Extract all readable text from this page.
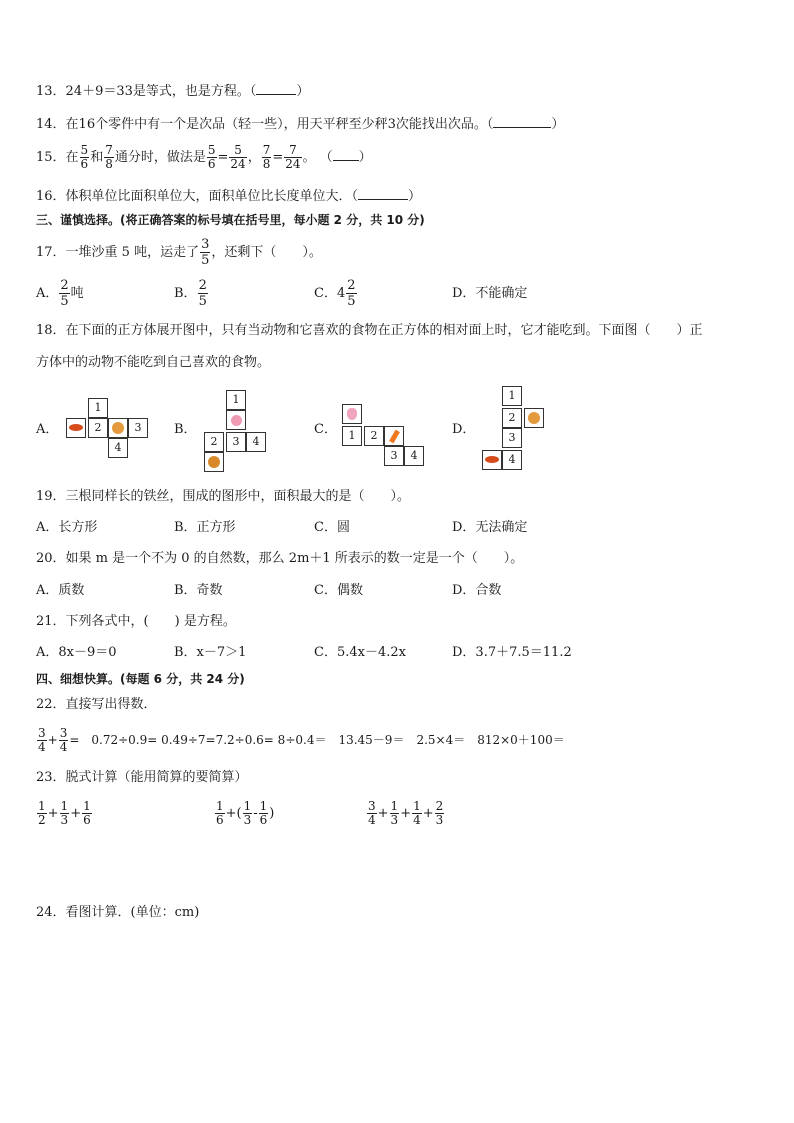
13．24＋9＝33是等式，也是方程。（	）
14．在16个零件中有一个是次品（轻一些），用天平秤至少秤3次能找出次品。（	）
15．在 $\frac{5}{6}$ 和 $\frac{7}{8}$ 通分时，做法是 $\frac{5}{6} = \frac{5}{24}$ ， $\frac{7}{8} = \frac{7}{24}$ 。 （ ）
16．体积单位比面积单位大，面积单位比长度单位大．（	）
三、谨慎选择。(将正确答案的标号填在括号里，每小题 2 分，共 10 分)
17．一堆沙重 5 吨，运走了 $\frac{3}{5}$ ，还剩下（　　）。
A． $\frac{2}{5}$ 吨	B． $\frac{2}{5}$	C．$4 \frac{2}{5}$	D．不能确定
18．在下面的正方体展开图中，只有当动物和它喜欢的食物在正方体的相对面上时，它才能吃到。下面图（　　）正
方体中的动物不能吃到自己喜欢的食物。
A．
1
2	3
4
B．
1
2	3	4
C．	1	2
3	4
D．
1
2
3
4
19．三根同样长的铁丝，围成的图形中，面积最大的是（　　）。
A．长方形	B．正方形	C．圆	D．无法确定
20．如果 m 是一个不为 0 的自然数，那么 2m＋1 所表示的数一定是一个（　　）。
A．质数	B．奇数	C．偶数	D．合数
21．下列各式中，(　　) 是方程。
A．8x－9＝0	B．x－7＞1	C．5.4x－4.2x	D．3.7＋7.5＝11.2
四、细想快算。(每题 6 分，共 24 分)
22．直接写出得数．
$\frac{3}{4} + \frac{3}{4}$ =　0.72÷0.9= 0.49÷7=7.2÷0.6= 8÷0.4＝　13.45－9＝　2.5×4＝　812×0＋100＝
23．脱式计算（能用简算的要简算）
$\frac{1}{2} + \frac{1}{3} + \frac{1}{6}$	$\frac{1}{6}$ +( $\frac{1}{3} - \frac{1}{6}$ )	$\frac{3}{4} + \frac{1}{3} + \frac{1}{4} + \frac{2}{3}$
24．看图计算．(单位：cm)
